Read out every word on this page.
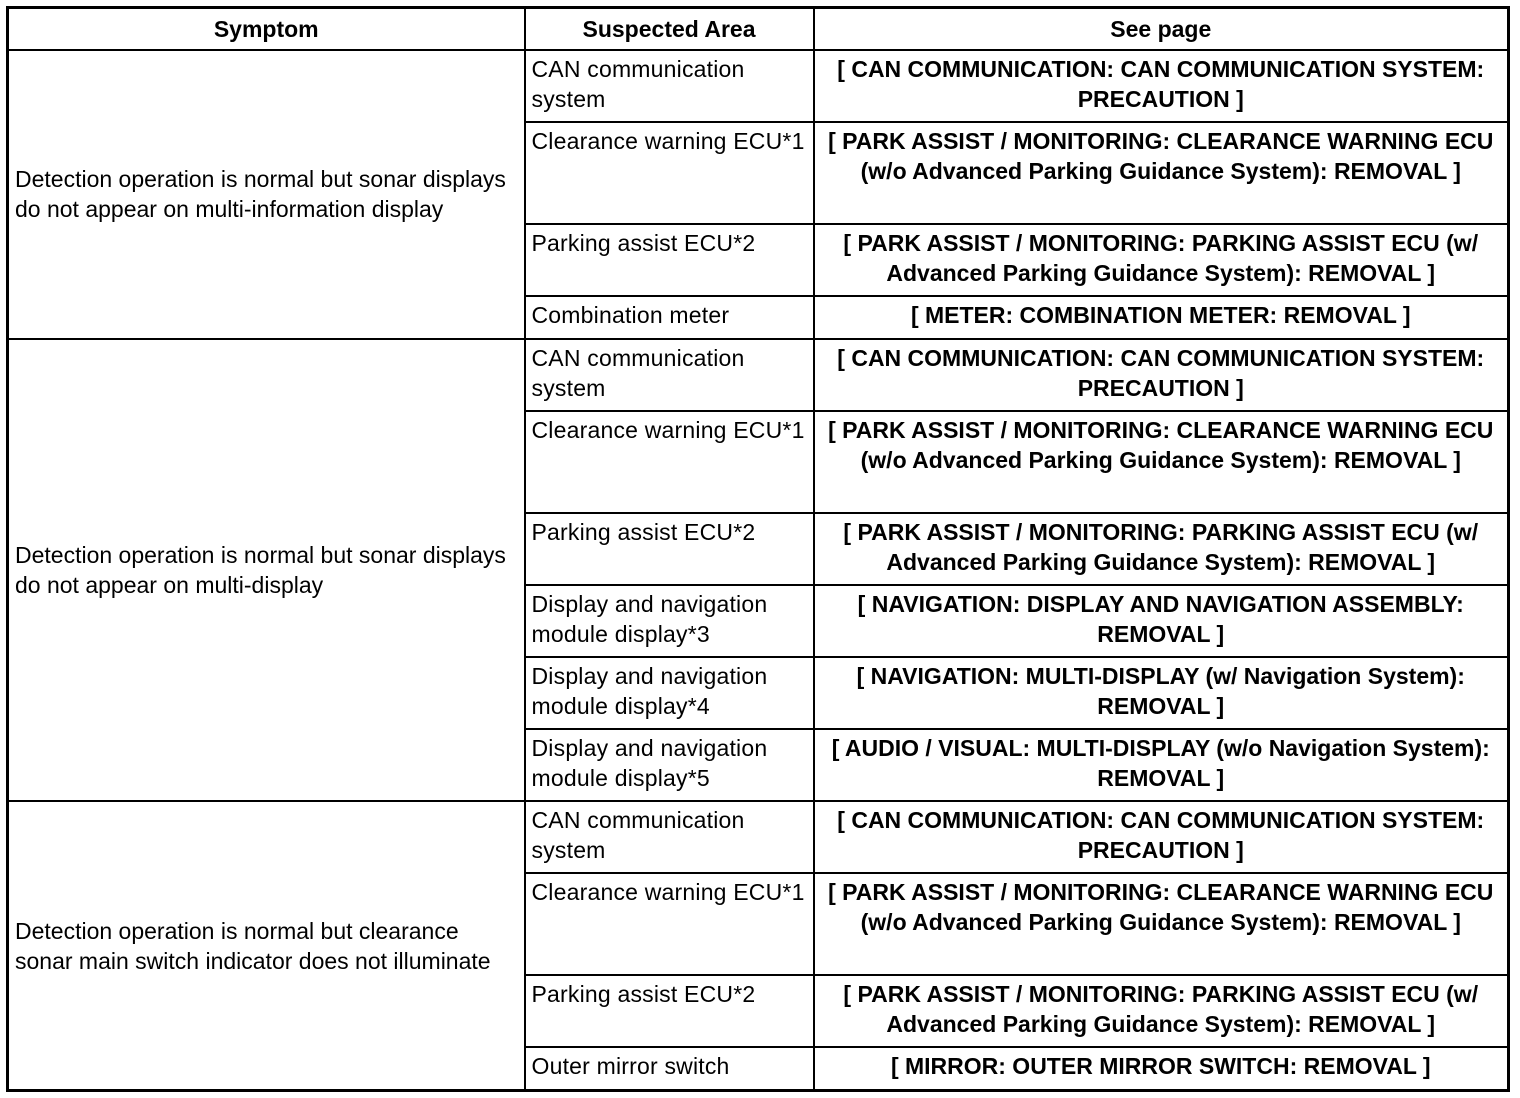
Symptom	Suspected Area	See page
Detection operation is normal but sonar displays do not appear on multi-information display	CAN communication system	[ CAN COMMUNICATION: CAN COMMUNICATION SYSTEM: PRECAUTION ]
	Clearance warning ECU*1	[ PARK ASSIST / MONITORING: CLEARANCE WARNING ECU (w/o Advanced Parking Guidance System): REMOVAL ]
	Parking assist ECU*2	[ PARK ASSIST / MONITORING: PARKING ASSIST ECU (w/ Advanced Parking Guidance System): REMOVAL ]
	Combination meter	[ METER: COMBINATION METER: REMOVAL ]
Detection operation is normal but sonar displays do not appear on multi-display	CAN communication system	[ CAN COMMUNICATION: CAN COMMUNICATION SYSTEM: PRECAUTION ]
	Clearance warning ECU*1	[ PARK ASSIST / MONITORING: CLEARANCE WARNING ECU (w/o Advanced Parking Guidance System): REMOVAL ]
	Parking assist ECU*2	[ PARK ASSIST / MONITORING: PARKING ASSIST ECU (w/ Advanced Parking Guidance System): REMOVAL ]
	Display and navigation module display*3	[ NAVIGATION: DISPLAY AND NAVIGATION ASSEMBLY: REMOVAL ]
	Display and navigation module display*4	[ NAVIGATION: MULTI-DISPLAY (w/ Navigation System): REMOVAL ]
	Display and navigation module display*5	[ AUDIO / VISUAL: MULTI-DISPLAY (w/o Navigation System): REMOVAL ]
Detection operation is normal but clearance sonar main switch indicator does not illuminate	CAN communication system	[ CAN COMMUNICATION: CAN COMMUNICATION SYSTEM: PRECAUTION ]
	Clearance warning ECU*1	[ PARK ASSIST / MONITORING: CLEARANCE WARNING ECU (w/o Advanced Parking Guidance System): REMOVAL ]
	Parking assist ECU*2	[ PARK ASSIST / MONITORING: PARKING ASSIST ECU (w/ Advanced Parking Guidance System): REMOVAL ]
	Outer mirror switch	[ MIRROR: OUTER MIRROR SWITCH: REMOVAL ]
